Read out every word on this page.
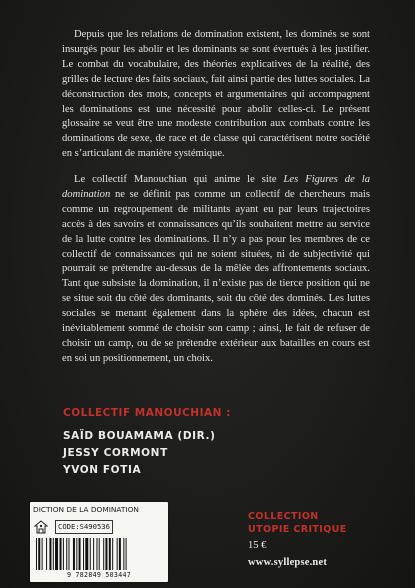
Depuis que les relations de domination existent, les dominés se sont insurgés pour les abolir et les dominants se sont évertués à les justifier. Le combat du vocabulaire, des théories explicatives de la réalité, des grilles de lecture des faits sociaux, fait ainsi partie des luttes sociales. La déconstruction des mots, concepts et argumentaires qui accompagnent les dominations est une nécessité pour abolir celles-ci. Le présent glossaire se veut être une modeste contribution aux combats contre les dominations de sexe, de race et de classe qui caractérisent notre société en s’articulant de manière systémique.

Le collectif Manouchian qui anime le site Les Figures de la domination ne se définit pas comme un collectif de chercheurs mais comme un regroupement de militants ayant eu par leurs trajectoires accès à des savoirs et connaissances qu’ils souhaitent mettre au service de la lutte contre les dominations. Il n’y a pas pour les membres de ce collectif de connaissances qui ne soient situées, ni de subjectivité qui pourrait se prétendre au-dessus de la mêlée des affrontements sociaux. Tant que subsiste la domination, il n’existe pas de tierce position qui ne se situe soit du côté des dominants, soit du côté des dominés. Les luttes sociales se menant également dans la sphère des idées, chacun est inévitablement sommé de choisir son camp ; ainsi, le fait de refuser de choisir un camp, ou de se prétendre extérieur aux batailles en cours est en soi un positionnement, un choix.

COLLECTIF MANOUCHIAN :
SAÏD BOUAMAMA (DIR.)
JESSY CORMONT
YVON FOTIA
DICTION DE LA DOMINATION
CODE:S490536
9 782849 503447
COLLECTION
UTOPIE CRITIQUE
15 €
www.syllepse.net
